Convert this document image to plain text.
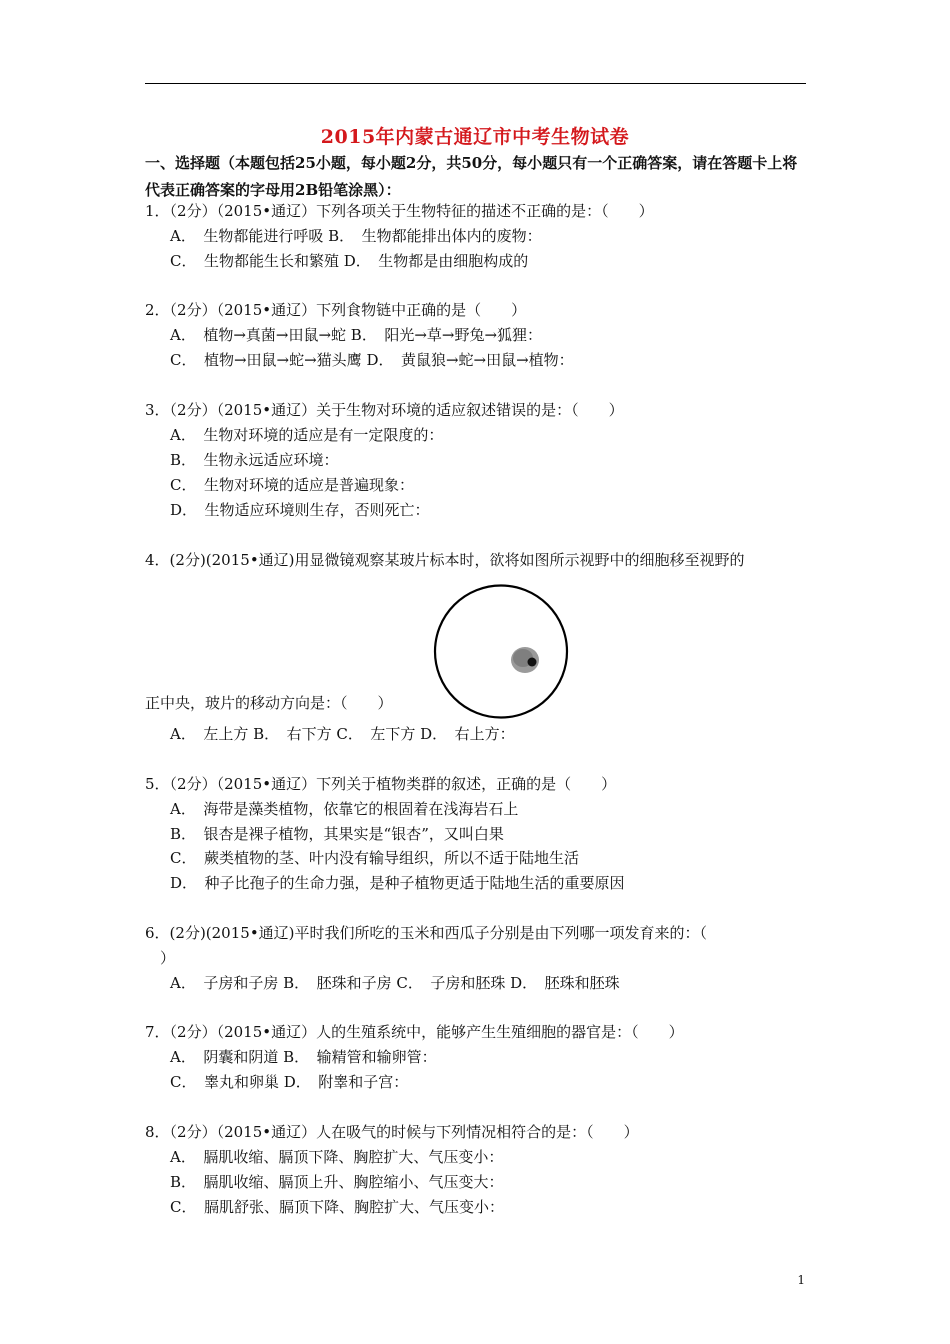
2015年内蒙古通辽市中考生物试卷
一、选择题（本题包括25小题，每小题2分，共50分，每小题只有一个正确答案，请在答题卡上将代表正确答案的字母用2B铅笔涂黑）：
1．（2分）（2015•通辽）下列各项关于生物特征的描述不正确的是：（　　）
A．　生物都能进行呼吸 B．　生物都能排出体内的废物：
C．　生物都能生长和繁殖 D．　生物都是由细胞构成的
2．（2分）（2015•通辽）下列食物链中正确的是（　　）
A．　植物→真菌→田鼠→蛇 B．　阳光→草→野兔→狐狸：
C．　植物→田鼠→蛇→猫头鹰 D．　黄鼠狼→蛇→田鼠→植物：
3．（2分）（2015•通辽）关于生物对环境的适应叙述错误的是：（　　）
A．　生物对环境的适应是有一定限度的：
B．　生物永远适应环境：
C．　生物对环境的适应是普遍现象：
D．　生物适应环境则生存，否则死亡：
4．(2分)(2015•通辽)用显微镜观察某玻片标本时，欲将如图所示视野中的细胞移至视野的
正中央，玻片的移动方向是：（　　）
A．　左上方 B．　右下方 C．　左下方 D．　右上方：
5．（2分）（2015•通辽）下列关于植物类群的叙述，正确的是（　　）
A．　海带是藻类植物，依靠它的根固着在浅海岩石上
B．　银杏是裸子植物，其果实是“银杏”，又叫白果
C．　蕨类植物的茎、叶内没有输导组织，所以不适于陆地生活
D．　种子比孢子的生命力强，是种子植物更适于陆地生活的重要原因
6．(2分)(2015•通辽)平时我们所吃的玉米和西瓜子分别是由下列哪一项发育来的：（
　）
A．　子房和子房 B．　胚珠和子房 C．　子房和胚珠 D．　胚珠和胚珠
7．（2分）（2015•通辽）人的生殖系统中，能够产生生殖细胞的器官是：（　　）
A．　阴囊和阴道 B．　输精管和输卵管：
C．　睾丸和卵巢 D．　附睾和子宫：
8．（2分）（2015•通辽）人在吸气的时候与下列情况相符合的是：（　　）
A．　膈肌收缩、膈顶下降、胸腔扩大、气压变小：
B．　膈肌收缩、膈顶上升、胸腔缩小、气压变大：
C．　膈肌舒张、膈顶下降、胸腔扩大、气压变小：
1
